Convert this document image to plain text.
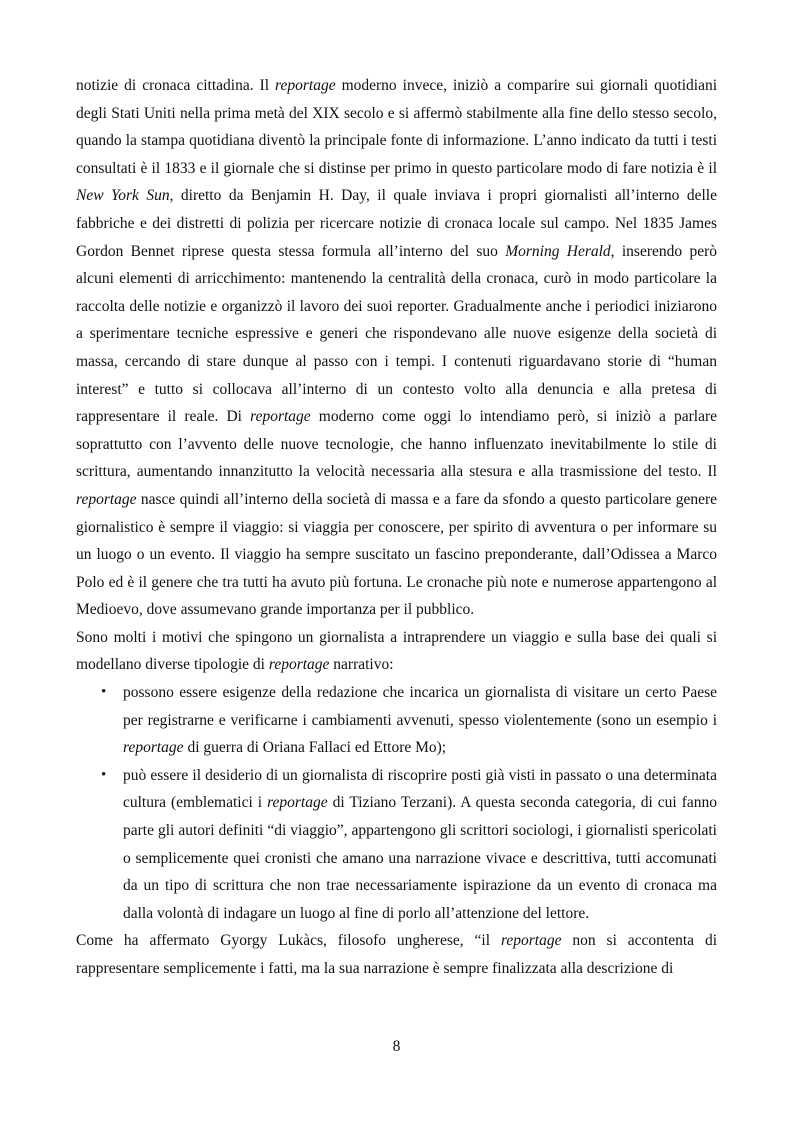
notizie di cronaca cittadina. Il reportage moderno invece, iniziò a comparire sui giornali quotidiani degli Stati Uniti nella prima metà del XIX secolo e si affermò stabilmente alla fine dello stesso secolo, quando la stampa quotidiana diventò la principale fonte di informazione. L’anno indicato da tutti i testi consultati è il 1833 e il giornale che si distinse per primo in questo particolare modo di fare notizia è il New York Sun, diretto da Benjamin H. Day, il quale inviava i propri giornalisti all’interno delle fabbriche e dei distretti di polizia per ricercare notizie di cronaca locale sul campo. Nel 1835 James Gordon Bennet riprese questa stessa formula all’interno del suo Morning Herald, inserendo però alcuni elementi di arricchimento: mantenendo la centralità della cronaca, curò in modo particolare la raccolta delle notizie e organizzò il lavoro dei suoi reporter. Gradualmente anche i periodici iniziarono a sperimentare tecniche espressive e generi che rispondevano alle nuove esigenze della società di massa, cercando di stare dunque al passo con i tempi. I contenuti riguardavano storie di “human interest” e tutto si collocava all’interno di un contesto volto alla denuncia e alla pretesa di rappresentare il reale. Di reportage moderno come oggi lo intendiamo però, si iniziò a parlare soprattutto con l’avvento delle nuove tecnologie, che hanno influenzato inevitabilmente lo stile di scrittura, aumentando innanzitutto la velocità necessaria alla stesura e alla trasmissione del testo. Il reportage nasce quindi all’interno della società di massa e a fare da sfondo a questo particolare genere giornalistico è sempre il viaggio: si viaggia per conoscere, per spirito di avventura o per informare su un luogo o un evento. Il viaggio ha sempre suscitato un fascino preponderante, dall’Odissea a Marco Polo ed è il genere che tra tutti ha avuto più fortuna. Le cronache più note e numerose appartengono al Medioevo, dove assumevano grande importanza per il pubblico.

Sono molti i motivi che spingono un giornalista a intraprendere un viaggio e sulla base dei quali si modellano diverse tipologie di reportage narrativo:

• possono essere esigenze della redazione che incarica un giornalista di visitare un certo Paese per registrarne e verificarne i cambiamenti avvenuti, spesso violentemente (sono un esempio i reportage di guerra di Oriana Fallaci ed Ettore Mo);
• può essere il desiderio di un giornalista di riscoprire posti già visti in passato o una determinata cultura (emblematici i reportage di Tiziano Terzani). A questa seconda categoria, di cui fanno parte gli autori definiti “di viaggio”, appartengono gli scrittori sociologi, i giornalisti spericolati o semplicemente quei cronisti che amano una narrazione vivace e descrittiva, tutti accomunati da un tipo di scrittura che non trae necessariamente ispirazione da un evento di cronaca ma dalla volontà di indagare un luogo al fine di porlo all’attenzione del lettore.

Come ha affermato Gyorgy Lukàcs, filosofo ungherese, “il reportage non si accontenta di rappresentare semplicemente i fatti, ma la sua narrazione è sempre finalizzata alla descrizione di

8
